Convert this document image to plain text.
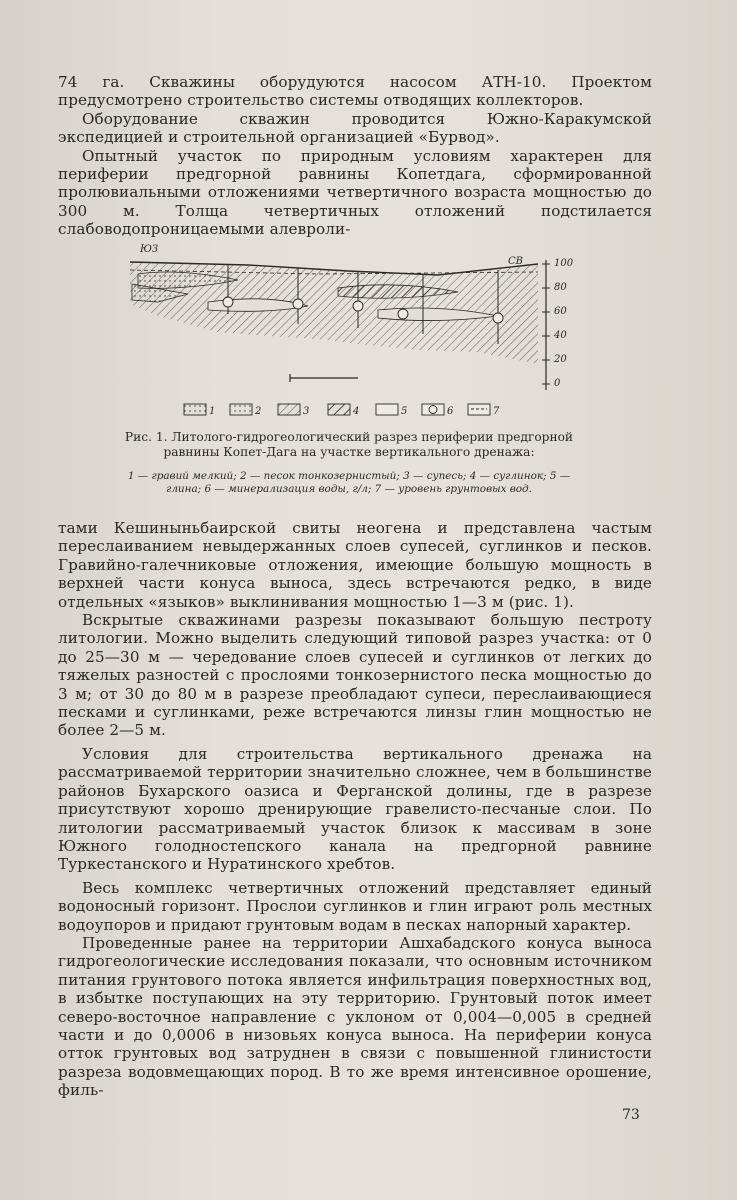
74 га. Скважины оборудуются насосом АТН-10. Проектом предусмотрено строительство системы отводящих коллекторов.

Оборудование скважин проводится Южно-Каракумской экспедицией и строительной организацией «Бурвод».

Опытный участок по природным условиям характерен для периферии предгорной равнины Копетдага, сформированной пролювиальными отложениями четвертичного возраста мощностью до 300 м. Толща четвертичных отложений подстилается слабоводопроницаемыми алевроли-

ЮЗ
СВ	100
80
60
40
20
0
1	2	3	4	5	6	7
Рис. 1. Литолого-гидрогеологический разрез периферии предгорной равнины Копет-Дага на участке вертикального дренажа:
1 — гравий мелкий; 2 — песок тонкозернистый; 3 — супесь; 4 — суглинок; 5 — глина; 6 — минерализация воды, г/л; 7 — уровень грунтовых вод.

тами Кешиныньбаирской свиты неогена и представлена частым переслаиванием невыдержанных слоев супесей, суглинков и песков. Гравийно-галечниковые отложения, имеющие большую мощность в верхней части конуса выноса, здесь встречаются редко, в виде отдельных «языков» выклинивания мощностью 1—3 м (рис. 1).

Вскрытые скважинами разрезы показывают большую пестроту литологии. Можно выделить следующий типовой разрез участка: от 0 до 25—30 м — чередование слоев супесей и суглинков от легких до тяжелых разностей с прослоями тонкозернистого песка мощностью до 3 м; от 30 до 80 м в разрезе преобладают супеси, переслаивающиеся песками и суглинками, реже встречаются линзы глин мощностью не более 2—5 м.

Условия для строительства вертикального дренажа на рассматриваемой территории значительно сложнее, чем в большинстве районов Бухарского оазиса и Ферганской долины, где в разрезе присутствуют хорошо дренирующие гравелисто-песчаные слои. По литологии рассматриваемый участок близок к массивам в зоне Южного голодностепского канала на предгорной равнине Туркестанского и Нуратинского хребтов.

Весь комплекс четвертичных отложений представляет единый водоносный горизонт. Прослои суглинков и глин играют роль местных водоупоров и придают грунтовым водам в песках напорный характер.

Проведенные ранее на территории Ашхабадского конуса выноса гидрогеологические исследования показали, что основным источником питания грунтового потока является инфильтрация поверхностных вод, в избытке поступающих на эту территорию. Грунтовый поток имеет северо-восточное направление с уклоном от 0,004—0,005 в средней части и до 0,0006 в низовьях конуса выноса. На периферии конуса отток грунтовых вод затруднен в связи с повышенной глинистости разреза водовмещающих пород. В то же время интенсивное орошение, филь-

73
